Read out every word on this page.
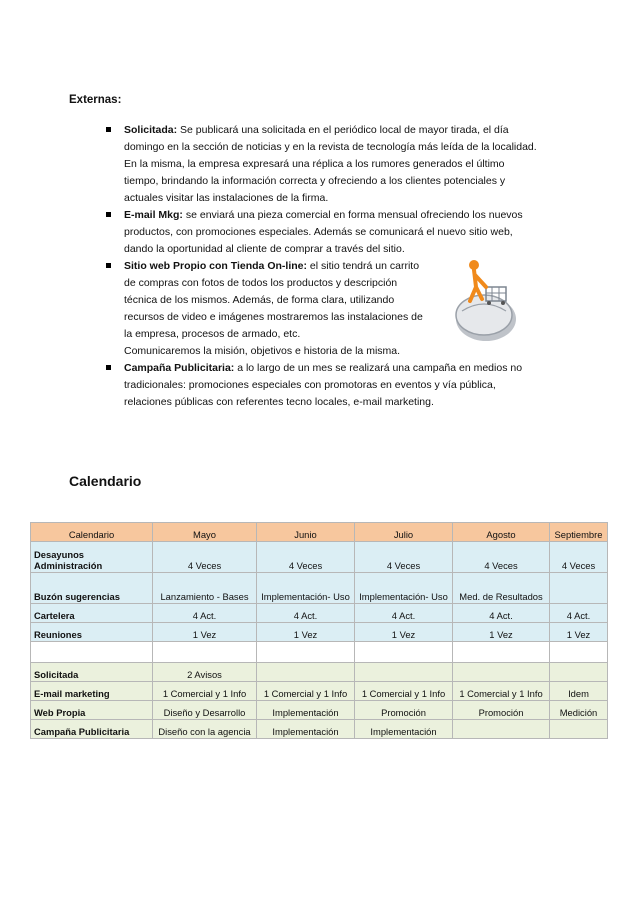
Externas:
Solicitada: Se publicará una solicitada en el periódico local de mayor tirada, el día
domingo en la sección de noticias y en la revista de tecnología más leída de la localidad.
En la misma, la empresa expresará una réplica a los rumores generados el último
tiempo, brindando la información correcta y ofreciendo a los clientes potenciales y
actuales visitar las instalaciones de la firma.
E-mail Mkg: se enviará una pieza comercial en forma mensual ofreciendo los nuevos
productos, con promociones especiales. Además se comunicará el nuevo sitio web,
dando la oportunidad al cliente de comprar a través del sitio.
Sitio web Propio con Tienda On-line: el sitio tendrá un carrito
de compras con fotos de todos los productos y descripción
técnica de los mismos. Además, de forma clara, utilizando
recursos de video e imágenes mostraremos las instalaciones de
la empresa, procesos de armado, etc.
Comunicaremos la misión, objetivos e historia de la misma.
Campaña Publicitaria: a lo largo de un mes se realizará una campaña en medios no
tradicionales: promociones especiales con promotoras en eventos y vía pública,
relaciones públicas con referentes tecno locales, e-mail marketing.
Calendario
Calendario	Mayo	Junio	Julio	Agosto	Septiembre
Desayunos Administración	4 Veces	4 Veces	4 Veces	4 Veces	4 Veces
Buzón sugerencias	Lanzamiento - Bases	Implementación- Uso	Implementación- Uso	Med. de Resultados	
Cartelera	4 Act.	4 Act.	4 Act.	4 Act.	4 Act.
Reuniones	1 Vez	1 Vez	1 Vez	1 Vez	1 Vez

Solicitada	2 Avisos				
E-mail marketing	1 Comercial y 1 Info	1 Comercial y 1 Info	1 Comercial y 1 Info	1 Comercial y 1 Info	Idem
Web Propia	Diseño y Desarrollo	Implementación	Promoción	Promoción	Medición
Campaña Publicitaria	Diseño con la agencia	Implementación	Implementación		
